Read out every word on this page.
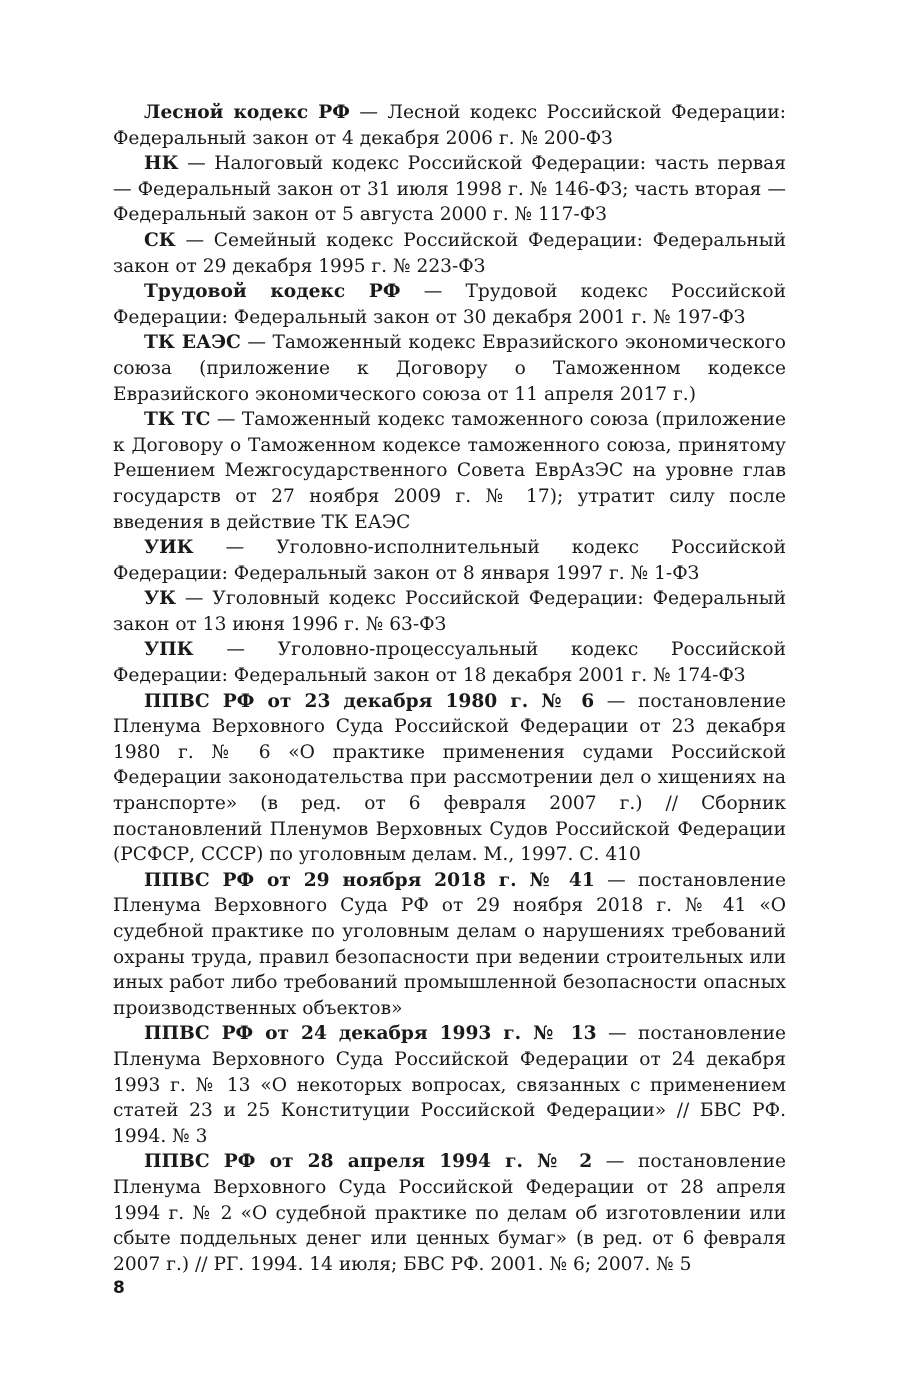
Лесной кодекс РФ — Лесной кодекс Российской Федерации: Федеральный закон от 4 декабря 2006 г. № 200-ФЗ

НК — Налоговый кодекс Российской Федерации: часть первая — Федеральный закон от 31 июля 1998 г. № 146-ФЗ; часть вторая — Федеральный закон от 5 августа 2000 г. № 117-ФЗ

СК — Семейный кодекс Российской Федерации: Федеральный закон от 29 декабря 1995 г. № 223-ФЗ

Трудовой кодекс РФ — Трудовой кодекс Российской Федерации: Федеральный закон от 30 декабря 2001 г. № 197-ФЗ

ТК ЕАЭС — Таможенный кодекс Евразийского экономического союза (приложение к Договору о Таможенном кодексе Евразийского экономического союза от 11 апреля 2017 г.)

ТК ТС — Таможенный кодекс таможенного союза (приложение к Договору о Таможенном кодексе таможенного союза, принятому Решением Межгосударственного Совета ЕврАзЭС на уровне глав государств от 27 ноября 2009 г. № 17); утратит силу после введения в действие ТК ЕАЭС

УИК — Уголовно-исполнительный кодекс Российской Федерации: Федеральный закон от 8 января 1997 г. № 1-ФЗ

УК — Уголовный кодекс Российской Федерации: Федеральный закон от 13 июня 1996 г. № 63-ФЗ

УПК — Уголовно-процессуальный кодекс Российской Федерации: Федеральный закон от 18 декабря 2001 г. № 174-ФЗ

ППВС РФ от 23 декабря 1980 г. № 6 — постановление Пленума Верховного Суда Российской Федерации от 23 декабря 1980 г. № 6 «О практике применения судами Российской Федерации законодательства при рассмотрении дел о хищениях на транспорте» (в ред. от 6 февраля 2007 г.) // Сборник постановлений Пленумов Верховных Судов Российской Федерации (РСФСР, СССР) по уголовным делам. М., 1997. С. 410

ППВС РФ от 29 ноября 2018 г. № 41 — постановление Пленума Верховного Суда РФ от 29 ноября 2018 г. № 41 «О судебной практике по уголовным делам о нарушениях требований охраны труда, правил безопасности при ведении строительных или иных работ либо требований промышленной безопасности опасных производственных объектов»

ППВС РФ от 24 декабря 1993 г. № 13 — постановление Пленума Верховного Суда Российской Федерации от 24 декабря 1993 г. № 13 «О некоторых вопросах, связанных с применением статей 23 и 25 Конституции Российской Федерации» // БВС РФ. 1994. № 3

ППВС РФ от 28 апреля 1994 г. № 2 — постановление Пленума Верховного Суда Российской Федерации от 28 апреля 1994 г. № 2 «О судебной практике по делам об изготовлении или сбыте поддельных денег или ценных бумаг» (в ред. от 6 февраля 2007 г.) // РГ. 1994. 14 июля; БВС РФ. 2001. № 6; 2007. № 5

8
